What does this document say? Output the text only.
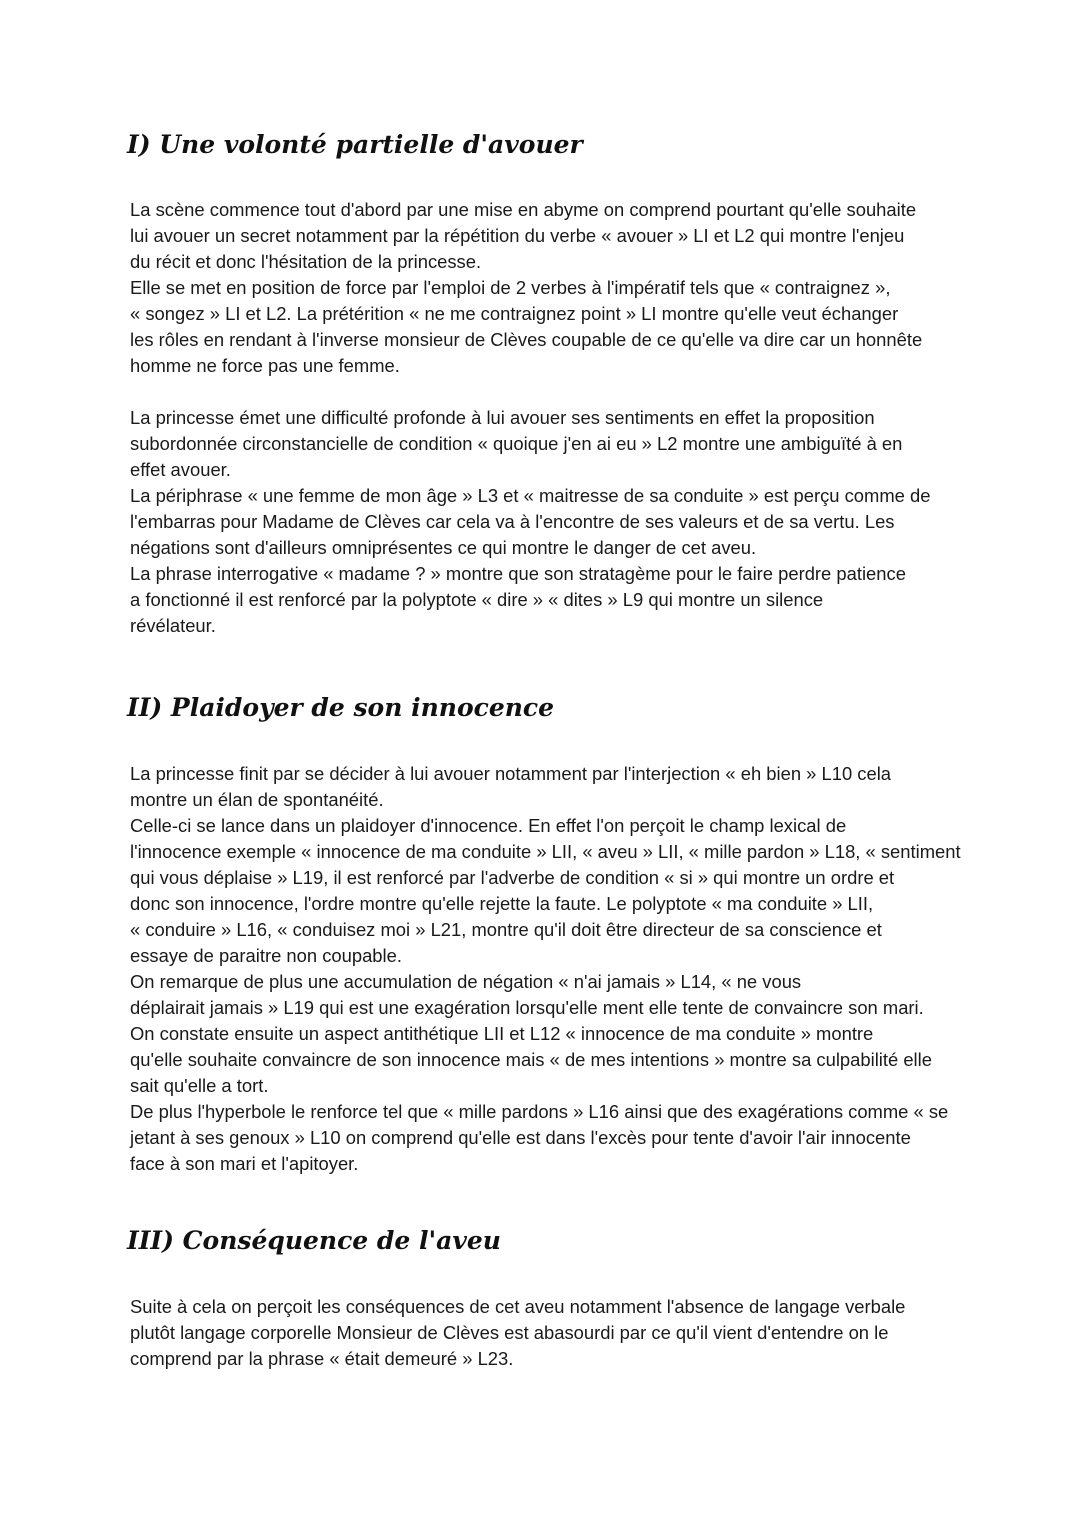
I) Une volonté partielle d'avouer
La scène commence tout d'abord par une mise en abyme on comprend pourtant qu'elle souhaite
lui avouer un secret notamment par la répétition du verbe « avouer » LI et L2 qui montre l'enjeu
du récit et donc l'hésitation de la princesse.
Elle se met en position de force par l'emploi de 2 verbes à l'impératif tels que « contraignez »,
« songez » LI et L2. La prétérition « ne me contraignez point » LI montre qu'elle veut échanger
les rôles en rendant à l'inverse monsieur de Clèves coupable de ce qu'elle va dire car un honnête
homme ne force pas une femme.
La princesse émet une difficulté profonde à lui avouer ses sentiments en effet la proposition
subordonnée circonstancielle de condition « quoique j'en ai eu » L2 montre une ambiguïté à en
effet avouer.
La périphrase « une femme de mon âge » L3 et « maitresse de sa conduite » est perçu comme de
l'embarras pour Madame de Clèves car cela va à l'encontre de ses valeurs et de sa vertu. Les
négations sont d'ailleurs omniprésentes ce qui montre le danger de cet aveu.
La phrase interrogative « madame ? » montre que son stratagème pour le faire perdre patience
a fonctionné il est renforcé par la polyptote « dire » « dites » L9 qui montre un silence
révélateur.
II) Plaidoyer de son innocence
La princesse finit par se décider à lui avouer notamment par l'interjection « eh bien » L10 cela
montre un élan de spontanéité.
Celle-ci se lance dans un plaidoyer d'innocence. En effet l'on perçoit le champ lexical de
l'innocence exemple « innocence de ma conduite » LII, « aveu » LII, « mille pardon » L18, « sentiment
qui vous déplaise » L19, il est renforcé par l'adverbe de condition « si » qui montre un ordre et
donc son innocence, l'ordre montre qu'elle rejette la faute. Le polyptote « ma conduite » LII,
« conduire » L16, « conduisez moi » L21, montre qu'il doit être directeur de sa conscience et
essaye de paraitre non coupable.
On remarque de plus une accumulation de négation « n'ai jamais » L14, « ne vous
déplairait jamais » L19 qui est une exagération lorsqu'elle ment elle tente de convaincre son mari.
On constate ensuite un aspect antithétique LII et L12 « innocence de ma conduite » montre
qu'elle souhaite convaincre de son innocence mais « de mes intentions » montre sa culpabilité elle
sait qu'elle a tort.
De plus l'hyperbole le renforce tel que « mille pardons » L16 ainsi que des exagérations comme « se
jetant à ses genoux » L10 on comprend qu'elle est dans l'excès pour tente d'avoir l'air innocente
face à son mari et l'apitoyer.
III) Conséquence de l'aveu
Suite à cela on perçoit les conséquences de cet aveu notamment l'absence de langage verbale
plutôt langage corporelle Monsieur de Clèves est abasourdi par ce qu'il vient d'entendre on le
comprend par la phrase « était demeuré » L23.
